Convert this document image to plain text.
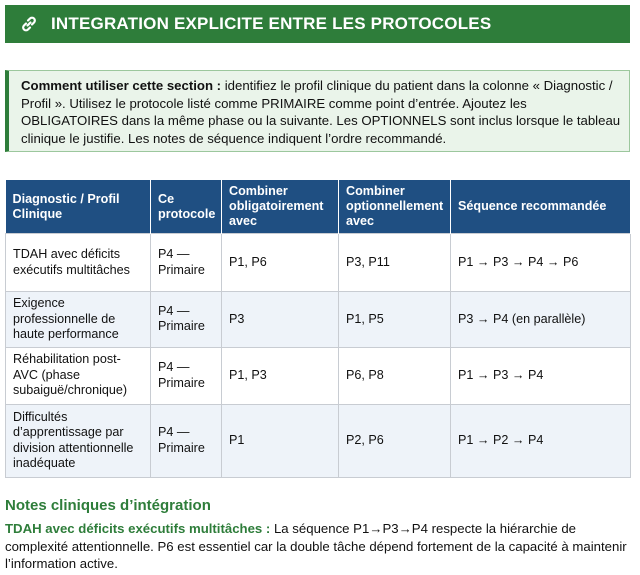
INTEGRATION EXPLICITE ENTRE LES PROTOCOLES
Comment utiliser cette section : identifiez le profil clinique du patient dans la colonne « Diagnostic / Profil ». Utilisez le protocole listé comme PRIMAIRE comme point d’entrée. Ajoutez les OBLIGATOIRES dans la même phase ou la suivante. Les OPTIONNELS sont inclus lorsque le tableau clinique le justifie. Les notes de séquence indiquent l’ordre recommandé.
Diagnostic / Profil Clinique	Ce protocole	Combiner obligatoirement avec	Combiner optionnellement avec	Séquence recommandée
TDAH avec déficits exécutifs multitâches	P4 — Primaire	P1, P6	P3, P11	P1 → P3 → P4 → P6
Exigence professionnelle de haute performance	P4 — Primaire	P3	P1, P5	P3 → P4 (en parallèle)
Réhabilitation post-AVC (phase subaiguë/chronique)	P4 — Primaire	P1, P3	P6, P8	P1 → P3 → P4
Difficultés d’apprentissage par division attentionnelle inadéquate	P4 — Primaire	P1	P2, P6	P1 → P2 → P4
Notes cliniques d’intégration
TDAH avec déficits exécutifs multitâches : La séquence P1→P3→P4 respecte la hiérarchie de complexité attentionnelle. P6 est essentiel car la double tâche dépend fortement de la capacité à maintenir l’information active.
